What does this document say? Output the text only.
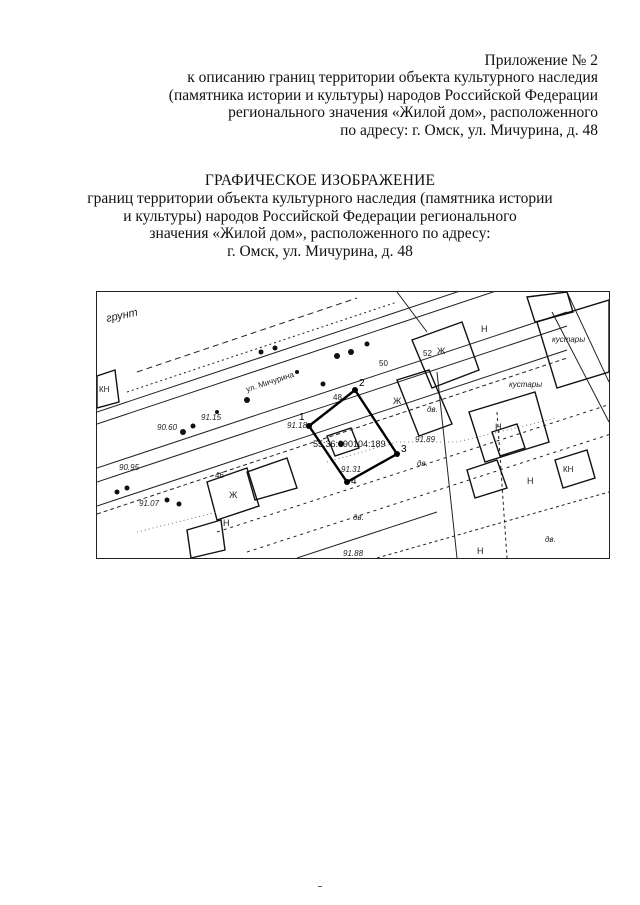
Приложение № 2
к описанию границ территории объекта культурного наследия
(памятника истории и культуры) народов Российской Федерации
регионального значения «Жилой дом», расположенного
по адресу: г. Омск, ул. Мичурина, д. 48
ГРАФИЧЕСКОЕ ИЗОБРАЖЕНИЕ
границ территории объекта культурного наследия (памятника истории
и культуры) народов Российской Федерации регионального
значения «Жилой дом», расположенного по адресу:
г. Омск, ул. Мичурина, д. 48
1
2
3
4
55:36:090104:189
грунт
ул. Мичурина
кустары
кустары
Н
Н
Н
Н
Н
Ж
Ж
Ж
КН
КН
дв.
дв.
дв.
дв.
91.88
90.95
91.15
91.07
90.60
91.31
91.89
91.18
52
46
50
48
